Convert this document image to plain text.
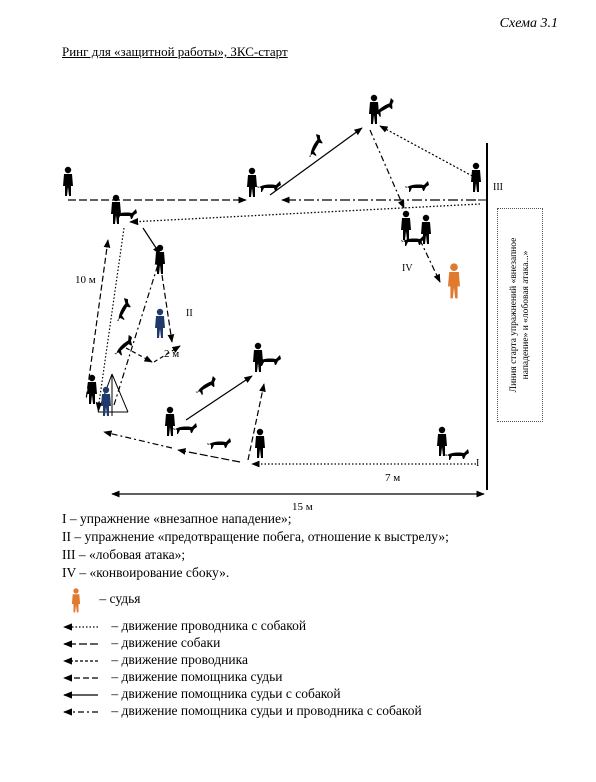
Схема 3.1
Ринг для «защитной работы», ЗКС-старт
10 м
2 м
7 м
15 м
I
II
III
IV	Линия старта упражнений «внезапное нападение» и «лобовая атака...»
I – упражнение «внезапное нападение»;
II – упражнение «предотвращение побега, отношение к выстрелу»;
III – «лобовая атака»;
IV – «конвоирование сбоку».
– судья
– движение проводника с собакой
– движение собаки
– движение проводника
– движение помощника судьи
– движение помощника судьи с собакой
– движение помощника судьи и проводника с собакой
